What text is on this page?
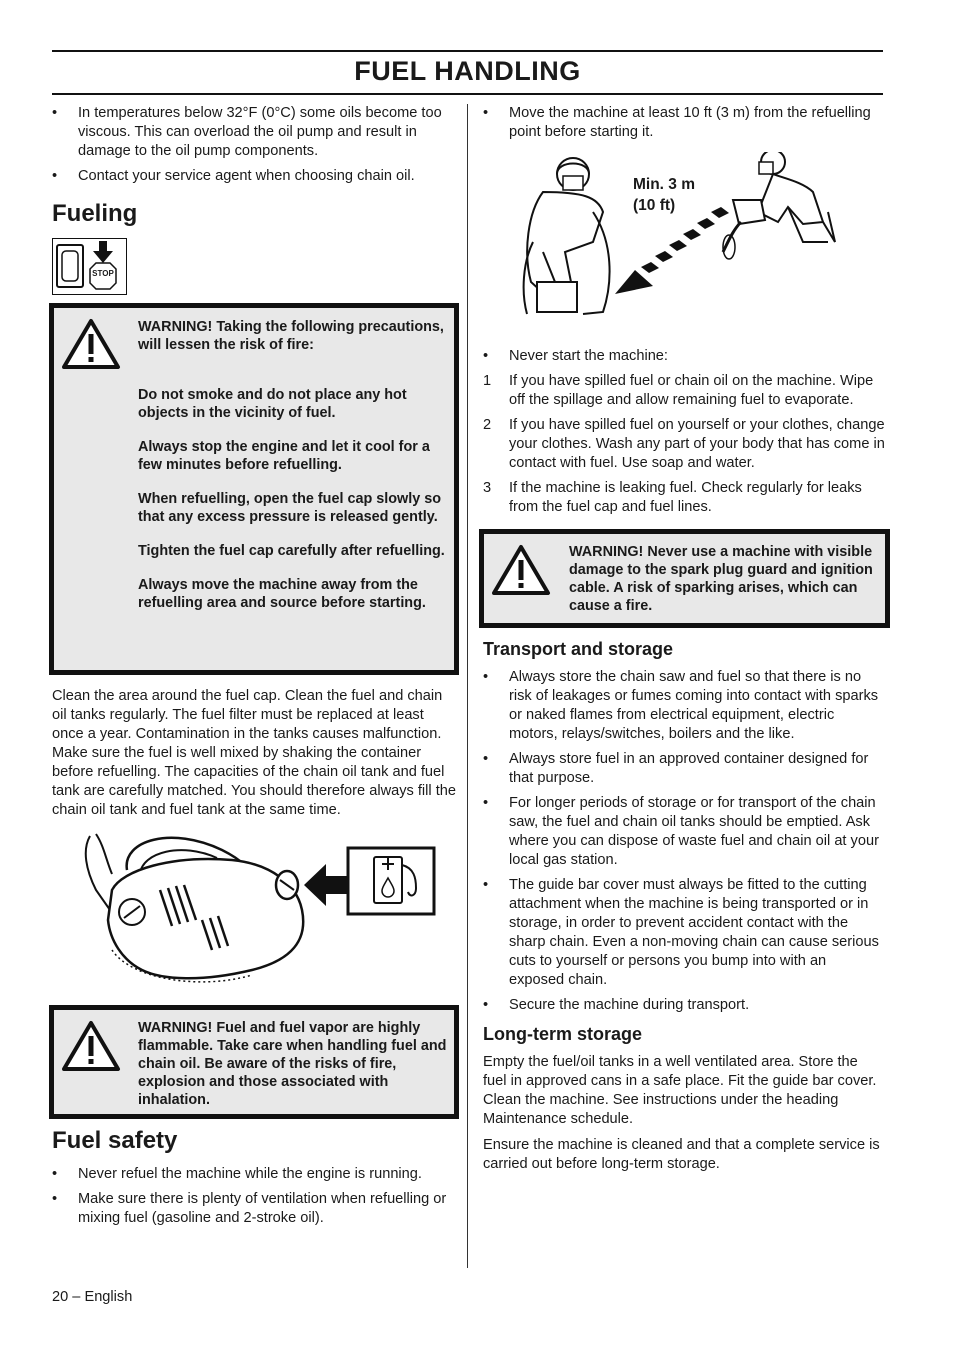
FUEL HANDLING
• In temperatures below 32°F (0°C) some oils become too viscous. This can overload the oil pump and result in damage to the oil pump components.
• Contact your service agent when choosing chain oil.
Fueling
STOP

WARNING! Taking the following precautions, will lessen the risk of fire:

Do not smoke and do not place any hot objects in the vicinity of fuel.

Always stop the engine and let it cool for a few minutes before refuelling.

When refuelling, open the fuel cap slowly so that any excess pressure is released gently.

Tighten the fuel cap carefully after refuelling.

Always move the machine away from the refuelling area and source before starting.

Clean the area around the fuel cap. Clean the fuel and chain oil tanks regularly. The fuel filter must be replaced at least once a year. Contamination in the tanks causes malfunction. Make sure the fuel is well mixed by shaking the container before refuelling. The capacities of the chain oil tank and fuel tank are carefully matched. You should therefore always fill the chain oil tank and fuel tank at the same time.

WARNING! Fuel and fuel vapor are highly flammable. Take care when handling fuel and chain oil. Be aware of the risks of fire, explosion and those associated with inhalation.

Fuel safety
• Never refuel the machine while the engine is running.
• Make sure there is plenty of ventilation when refuelling or mixing fuel (gasoline and 2-stroke oil).
• Move the machine at least 10 ft (3 m) from the refuelling point before starting it.
Min. 3 m
(10 ft)
• Never start the machine:
1 If you have spilled fuel or chain oil on the machine. Wipe off the spillage and allow remaining fuel to evaporate.
2 If you have spilled fuel on yourself or your clothes, change your clothes. Wash any part of your body that has come in contact with fuel. Use soap and water.
3 If the machine is leaking fuel. Check regularly for leaks from the fuel cap and fuel lines.

WARNING! Never use a machine with visible damage to the spark plug guard and ignition cable. A risk of sparking arises, which can cause a fire.

Transport and storage
• Always store the chain saw and fuel so that there is no risk of leakages or fumes coming into contact with sparks or naked flames from electrical equipment, electric motors, relays/switches, boilers and the like.
• Always store fuel in an approved container designed for that purpose.
• For longer periods of storage or for transport of the chain saw, the fuel and chain oil tanks should be emptied. Ask where you can dispose of waste fuel and chain oil at your local gas station.
• The guide bar cover must always be fitted to the cutting attachment when the machine is being transported or in storage, in order to prevent accident contact with the sharp chain. Even a non-moving chain can cause serious cuts to yourself or persons you bump into with an exposed chain.
• Secure the machine during transport.
Long-term storage

Empty the fuel/oil tanks in a well ventilated area. Store the fuel in approved cans in a safe place. Fit the guide bar cover. Clean the machine. See instructions under the heading Maintenance schedule.

Ensure the machine is cleaned and that a complete service is carried out before long-term storage.

20 – English
